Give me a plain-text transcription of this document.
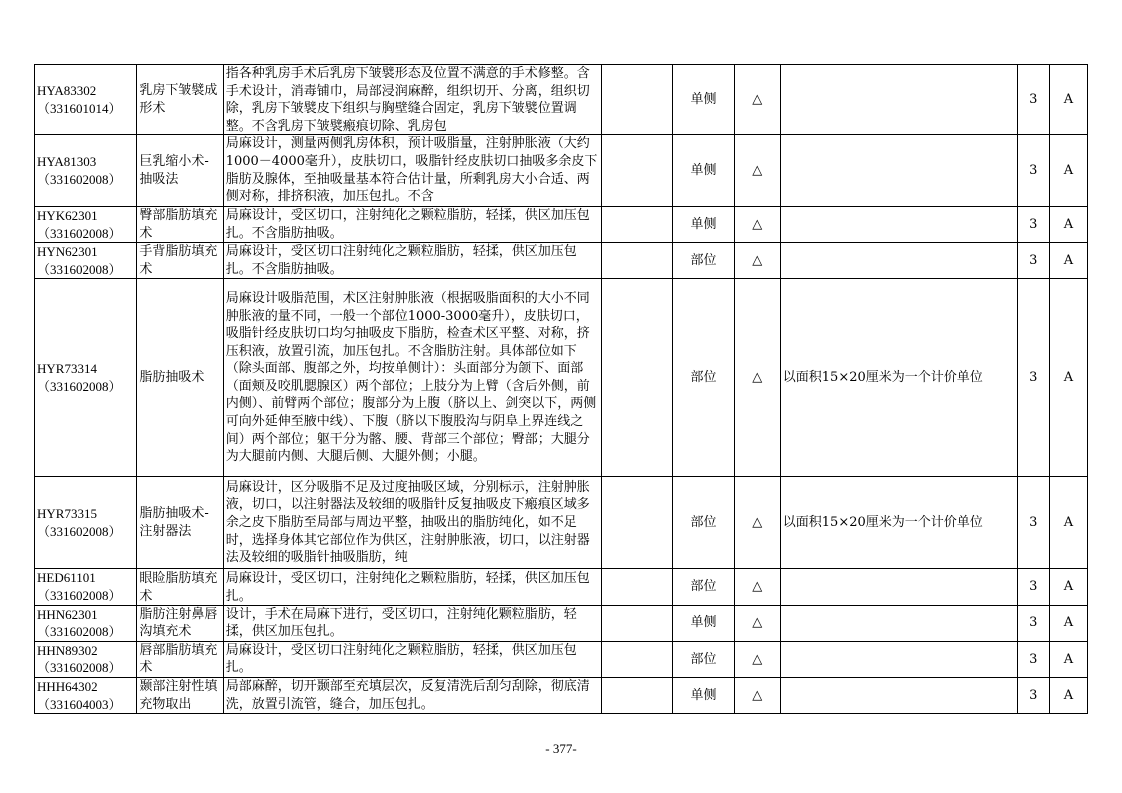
HYA83302
（331601014）	乳房下皱襞成形术	指各种乳房手术后乳房下皱襞形态及位置不满意的手术修整。含手术设计，消毒铺巾，局部浸润麻醉，组织切开、分离，组织切除，乳房下皱襞皮下组织与胸壁缝合固定，乳房下皱襞位置调整。不含乳房下皱襞瘢痕切除、乳房包		单侧	△		3	A
HYA81303
（331602008）	巨乳缩小术-抽吸法	局麻设计，测量两侧乳房体积，预计吸脂量，注射肿胀液（大约1000－4000毫升），皮肤切口，吸脂针经皮肤切口抽吸多余皮下脂肪及腺体，至抽吸量基本符合估计量，所剩乳房大小合适、两侧对称，排挤积液，加压包扎。不含		单侧	△		3	A
HYK62301
（331602008）	臀部脂肪填充术	局麻设计，受区切口，注射纯化之颗粒脂肪，轻揉，供区加压包扎。不含脂肪抽吸。		单侧	△		3	A
HYN62301
（331602008）	手背脂肪填充术	局麻设计，受区切口注射纯化之颗粒脂肪，轻揉，供区加压包扎。不含脂肪抽吸。		部位	△		3	A
HYR73314
（331602008）	脂肪抽吸术	局麻设计吸脂范围，术区注射肿胀液（根据吸脂面积的大小不同肿胀液的量不同，一般一个部位1000-3000毫升），皮肤切口，吸脂针经皮肤切口均匀抽吸皮下脂肪，检查术区平整、对称，挤压积液，放置引流，加压包扎。不含脂肪注射。具体部位如下（除头面部、腹部之外，均按单侧计）：头面部分为颌下、面部（面颊及咬肌腮腺区）两个部位；上肢分为上臂（含后外侧，前内侧）、前臂两个部位；腹部分为上腹（脐以上、剑突以下，两侧可向外延伸至腋中线）、下腹（脐以下腹股沟与阴阜上界连线之间）两个部位；躯干分为髂、腰、背部三个部位；臀部；大腿分为大腿前内侧、大腿后侧、大腿外侧；小腿。		部位	△	以面积15×20厘米为一个计价单位	3	A
HYR73315
（331602008）	脂肪抽吸术-注射器法	局麻设计，区分吸脂不足及过度抽吸区域，分别标示，注射肿胀液，切口，以注射器法及较细的吸脂针反复抽吸皮下瘢痕区域多余之皮下脂肪至局部与周边平整，抽吸出的脂肪纯化，如不足时，选择身体其它部位作为供区，注射肿胀液，切口，以注射器法及较细的吸脂针抽吸脂肪，纯		部位	△	以面积15×20厘米为一个计价单位	3	A
HED61101
（331602008）	眼睑脂肪填充术	局麻设计，受区切口，注射纯化之颗粒脂肪，轻揉，供区加压包扎。		部位	△		3	A
HHN62301
（331602008）	脂肪注射鼻唇沟填充术	设计，手术在局麻下进行，受区切口，注射纯化颗粒脂肪，轻揉，供区加压包扎。		单侧	△		3	A
HHN89302
（331602008）	唇部脂肪填充术	局麻设计，受区切口注射纯化之颗粒脂肪，轻揉，供区加压包扎。		部位	△		3	A
HHH64302
（331604003）	颞部注射性填充物取出	局部麻醉，切开颞部至充填层次，反复清洗后刮匀刮除，彻底清洗，放置引流管，缝合，加压包扎。		单侧	△		3	A
- 377-
